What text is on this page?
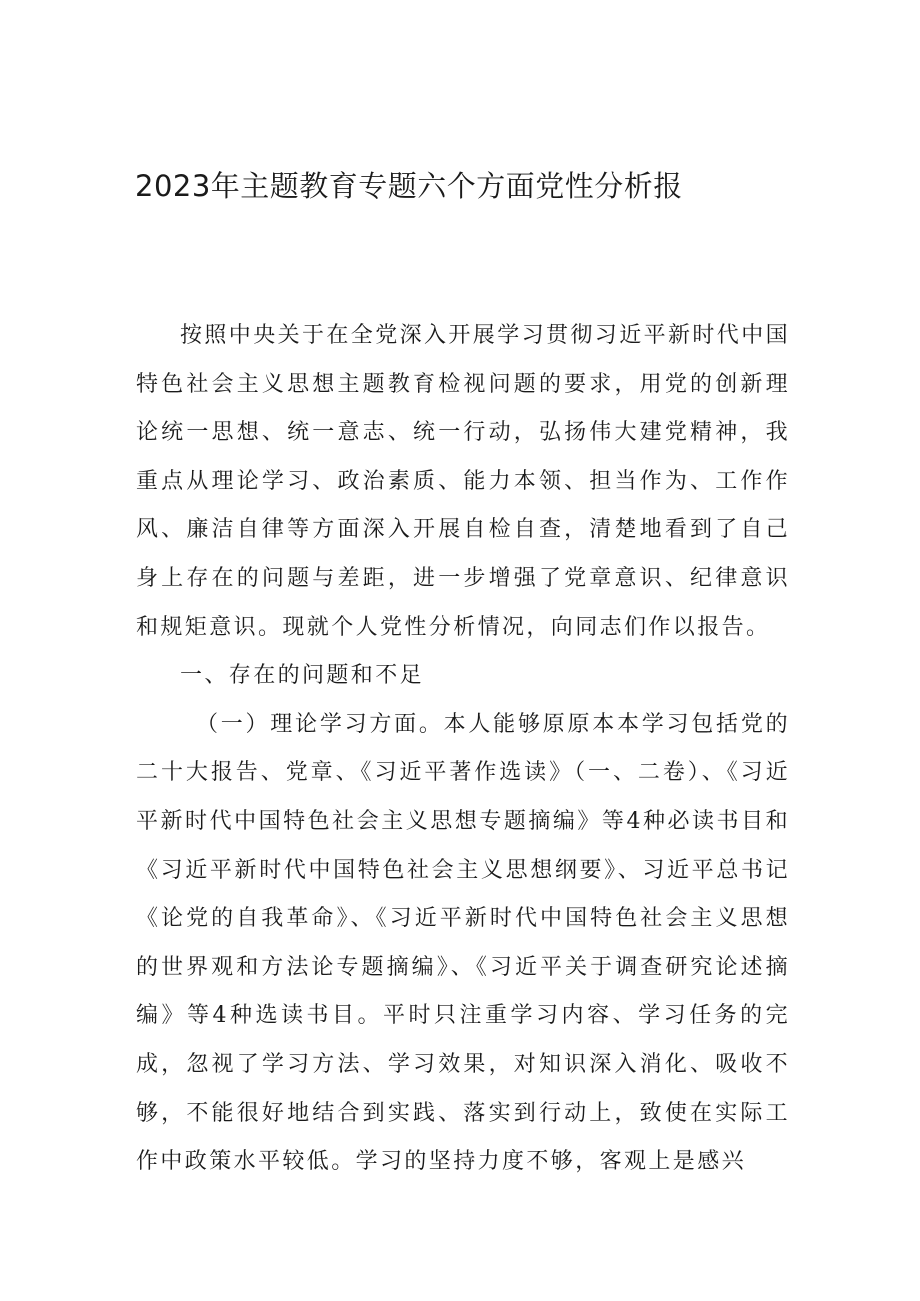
2023年主题教育专题六个方面党性分析报

按照中央关于在全党深入开展学习贯彻习近平新时代中国特色社会主义思想主题教育检视问题的要求，用党的创新理论统一思想、统一意志、统一行动，弘扬伟大建党精神，我重点从理论学习、政治素质、能力本领、担当作为、工作作风、廉洁自律等方面深入开展自检自查，清楚地看到了自己身上存在的问题与差距，进一步增强了党章意识、纪律意识和规矩意识。现就个人党性分析情况，向同志们作以报告。

一、存在的问题和不足

（一）理论学习方面。本人能够原原本本学习包括党的二十大报告、党章、《习近平著作选读》（一、二卷）、《习近平新时代中国特色社会主义思想专题摘编》等4种必读书目和《习近平新时代中国特色社会主义思想纲要》、习近平总书记《论党的自我革命》、《习近平新时代中国特色社会主义思想的世界观和方法论专题摘编》、《习近平关于调查研究论述摘编》等4种选读书目。平时只注重学习内容、学习任务的完成，忽视了学习方法、学习效果，对知识深入消化、吸收不够，不能很好地结合到实践、落实到行动上，致使在实际工作中政策水平较低。学习的坚持力度不够，客观上是感兴
